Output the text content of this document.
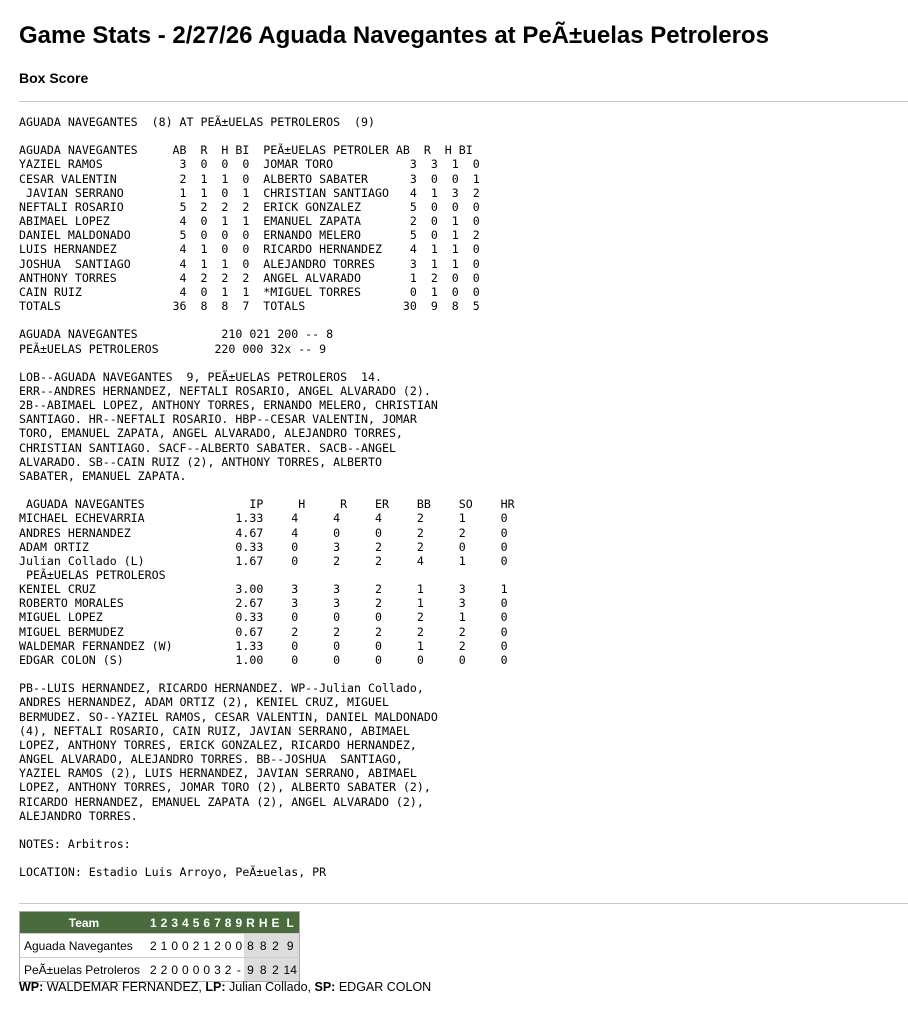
Game Stats - 2/27/26 Aguada Navegantes at PeÃ±uelas Petroleros
Box Score
AGUADA NAVEGANTES  (8) AT PEÃ±UELAS PETROLEROS  (9)

AGUADA NAVEGANTES     AB  R  H BI  PEÃ±UELAS PETROLER AB  R  H BI
YAZIEL RAMOS           3  0  0  0  JOMAR TORO           3  3  1  0
CESAR VALENTIN         2  1  1  0  ALBERTO SABATER      3  0  0  1
JAVIAN SERRANO        1  1  0  1  CHRISTIAN SANTIAGO   4  1  3  2
NEFTALI ROSARIO        5  2  2  2  ERICK GONZALEZ       5  0  0  0
ABIMAEL LOPEZ          4  0  1  1  EMANUEL ZAPATA       2  0  1  0
DANIEL MALDONADO       5  0  0  0  ERNANDO MELERO       5  0  1  2
LUIS HERNANDEZ         4  1  0  0  RICARDO HERNANDEZ    4  1  1  0
JOSHUA  SANTIAGO       4  1  1  0  ALEJANDRO TORRES     3  1  1  0
ANTHONY TORRES         4  2  2  2  ANGEL ALVARADO       1  2  0  0
CAIN RUIZ              4  0  1  1  *MIGUEL TORRES       0  1  0  0
TOTALS                36  8  8  7  TOTALS              30  9  8  5

AGUADA NAVEGANTES            210 021 200 -- 8
PEÃ±UELAS PETROLEROS        220 000 32x -- 9

LOB--AGUADA NAVEGANTES  9, PEÃ±UELAS PETROLEROS  14.
ERR--ANDRES HERNANDEZ, NEFTALI ROSARIO, ANGEL ALVARADO (2).
2B--ABIMAEL LOPEZ, ANTHONY TORRES, ERNANDO MELERO, CHRISTIAN
SANTIAGO. HR--NEFTALI ROSARIO. HBP--CESAR VALENTIN, JOMAR
TORO, EMANUEL ZAPATA, ANGEL ALVARADO, ALEJANDRO TORRES,
CHRISTIAN SANTIAGO. SACF--ALBERTO SABATER. SACB--ANGEL
ALVARADO. SB--CAIN RUIZ (2), ANTHONY TORRES, ALBERTO
SABATER, EMANUEL ZAPATA.

AGUADA NAVEGANTES               IP     H     R    ER    BB    SO    HR
MICHAEL ECHEVARRIA             1.33    4     4     4     2     1     0
ANDRES HERNANDEZ               4.67    4     0     0     2     2     0
ADAM ORTIZ                     0.33    0     3     2     2     0     0
Julian Collado (L)             1.67    0     2     2     4     1     0
PEÃ±UELAS PETROLEROS
KENIEL CRUZ                    3.00    3     3     2     1     3     1
ROBERTO MORALES                2.67    3     3     2     1     3     0
MIGUEL LOPEZ                   0.33    0     0     0     2     1     0
MIGUEL BERMUDEZ                0.67    2     2     2     2     2     0
WALDEMAR FERNANDEZ (W)         1.33    0     0     0     1     2     0
EDGAR COLON (S)                1.00    0     0     0     0     0     0

PB--LUIS HERNANDEZ, RICARDO HERNANDEZ. WP--Julian Collado,
ANDRES HERNANDEZ, ADAM ORTIZ (2), KENIEL CRUZ, MIGUEL
BERMUDEZ. SO--YAZIEL RAMOS, CESAR VALENTIN, DANIEL MALDONADO
(4), NEFTALI ROSARIO, CAIN RUIZ, JAVIAN SERRANO, ABIMAEL
LOPEZ, ANTHONY TORRES, ERICK GONZALEZ, RICARDO HERNANDEZ,
ANGEL ALVARADO, ALEJANDRO TORRES. BB--JOSHUA  SANTIAGO,
YAZIEL RAMOS (2), LUIS HERNANDEZ, JAVIAN SERRANO, ABIMAEL
LOPEZ, ANTHONY TORRES, JOMAR TORO (2), ALBERTO SABATER (2),
RICARDO HERNANDEZ, EMANUEL ZAPATA (2), ANGEL ALVARADO (2),
ALEJANDRO TORRES.

NOTES: Arbitros:

LOCATION: Estadio Luis Arroyo, PeÃ±uelas, PR
Team	1	2	3	4	5	6	7	8	9	R	H	E	L
Aguada Navegantes	2	1	0	0	2	1	2	0	0	8	8	2	9
PeÃ±uelas Petroleros	2	2	0	0	0	0	3	2	-	9	8	2	14
WP: WALDEMAR FERNANDEZ, LP: Julian Collado, SP: EDGAR COLON
